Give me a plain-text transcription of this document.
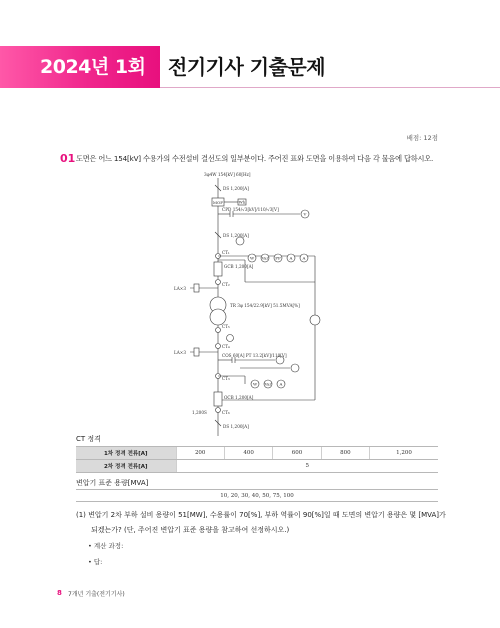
2024년 1회	전기기사 기출문제
배점: 12점
01 도면은 어느 154[kV] 수용가의 수전설비 결선도의 일부분이다. 주어진 표와 도면을 이용하여 다음 각 물음에 답하시오.
3φ4W 154[kV] 60[Hz]
DS 1,200[A]
MOF	Wh
CPD 154/√3[kV]/110/√3[V]
V
DS 1,200[A]
CT₁
GCB 1,200[A]
CT₂
LA×3
W Var PF A	A
TR 3φ 154/22.9[kV] 51.5MVA[%]
CT₅
CT₄
LA×3
COS 60[A] PT 13.2[kV]/110[V]
CT₃
W Var A
OCB 1,200[A]
1,200S	CT₆
DS 1,200[A]
CT 정격
1차 정격 전류[A]	200	400	600	800	1,200
2차 정격 전류[A]	5				
변압기 표준 용량[MVA]
10, 20, 30, 40, 50, 75, 100
(1) 변압기 2차 부하 설비 용량이 51[MW], 수용률이 70[%], 부하 역률이 90[%]일 때 도면의 변압기 용량은 몇 [MVA]가
되겠는가? (단, 주어진 변압기 표준 용량을 참고하여 선정하시오.)
• 계산 과정:
• 답:
8 7개년 기출(전기기사)
